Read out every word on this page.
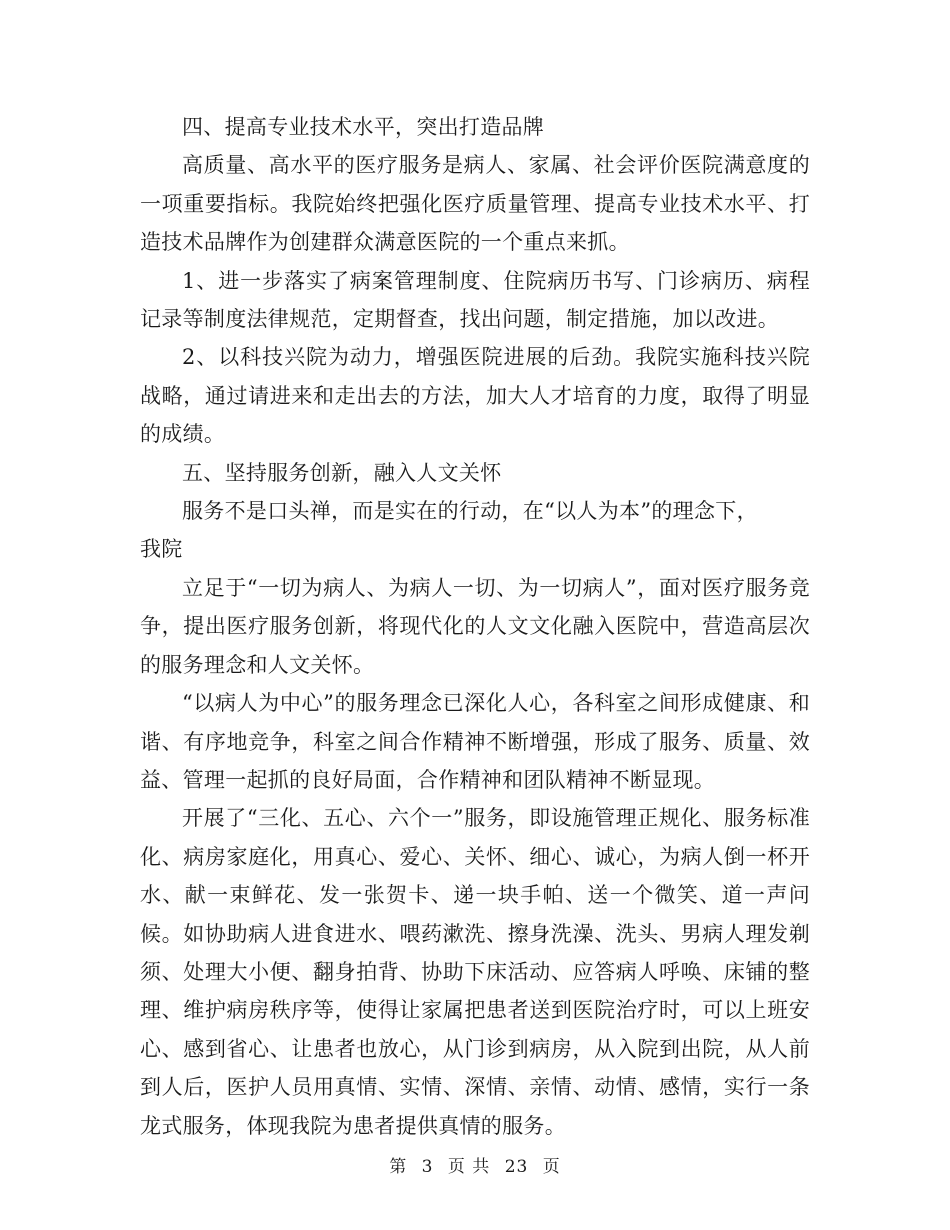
四、提高专业技术水平，突出打造品牌

高质量、高水平的医疗服务是病人、家属、社会评价医院满意度的一项重要指标。我院始终把强化医疗质量管理、提高专业技术水平、打造技术品牌作为创建群众满意医院的一个重点来抓。

1、进一步落实了病案管理制度、住院病历书写、门诊病历、病程记录等制度法律规范，定期督查，找出问题，制定措施，加以改进。

2、以科技兴院为动力，增强医院进展的后劲。我院实施科技兴院战略，通过请进来和走出去的方法，加大人才培育的力度，取得了明显的成绩。

五、坚持服务创新，融入人文关怀

服务不是口头禅，而是实在的行动，在“以人为本”的理念下，

我院

立足于“一切为病人、为病人一切、为一切病人”，面对医疗服务竞争，提出医疗服务创新，将现代化的人文文化融入医院中，营造高层次的服务理念和人文关怀。

“以病人为中心”的服务理念已深化人心，各科室之间形成健康、和谐、有序地竞争，科室之间合作精神不断增强，形成了服务、质量、效益、管理一起抓的良好局面，合作精神和团队精神不断显现。

开展了“三化、五心、六个一”服务，即设施管理正规化、服务标准化、病房家庭化，用真心、爱心、关怀、细心、诚心，为病人倒一杯开水、献一束鲜花、发一张贺卡、递一块手帕、送一个微笑、道一声问候。如协助病人进食进水、喂药漱洗、擦身洗澡、洗头、男病人理发剃须、处理大小便、翻身拍背、协助下床活动、应答病人呼唤、床铺的整理、维护病房秩序等，使得让家属把患者送到医院治疗时，可以上班安心、感到省心、让患者也放心，从门诊到病房，从入院到出院，从人前到人后，医护人员用真情、实情、深情、亲情、动情、感情，实行一条龙式服务，体现我院为患者提供真情的服务。

第 3 页 共 23 页
